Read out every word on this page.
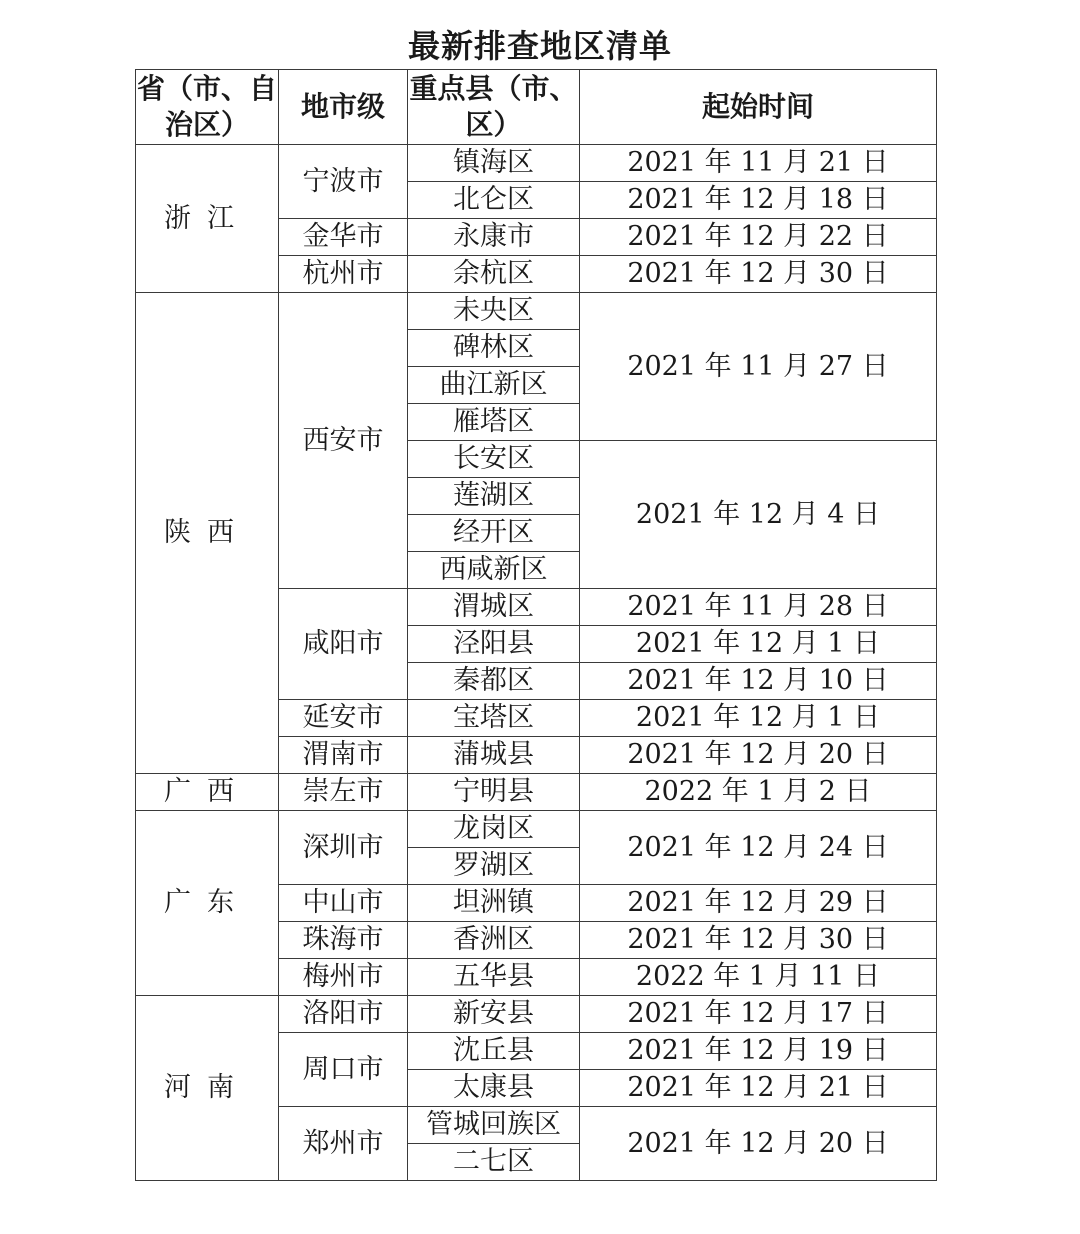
最新排查地区清单
省（市、自治区）	地市级	重点县（市、区）	起始时间
浙江	宁波市	镇海区	2021 年 11 月 21 日
		北仑区	2021 年 12 月 18 日
	金华市	永康市	2021 年 12 月 22 日
	杭州市	余杭区	2021 年 12 月 30 日
陕西	西安市	未央区	2021 年 11 月 27 日
		碑林区	
		曲江新区	
		雁塔区	
		长安区	2021 年 12 月 4 日
		莲湖区	
		经开区	
		西咸新区	
	咸阳市	渭城区	2021 年 11 月 28 日
		泾阳县	2021 年 12 月 1 日
		秦都区	2021 年 12 月 10 日
	延安市	宝塔区	2021 年 12 月 1 日
	渭南市	蒲城县	2021 年 12 月 20 日
广西	崇左市	宁明县	2022 年 1 月 2 日
广东	深圳市	龙岗区	2021 年 12 月 24 日
		罗湖区	
	中山市	坦洲镇	2021 年 12 月 29 日
	珠海市	香洲区	2021 年 12 月 30 日
	梅州市	五华县	2022 年 1 月 11 日
河南	洛阳市	新安县	2021 年 12 月 17 日
	周口市	沈丘县	2021 年 12 月 19 日
		太康县	2021 年 12 月 21 日
	郑州市	管城回族区	2021 年 12 月 20 日
		二七区	
